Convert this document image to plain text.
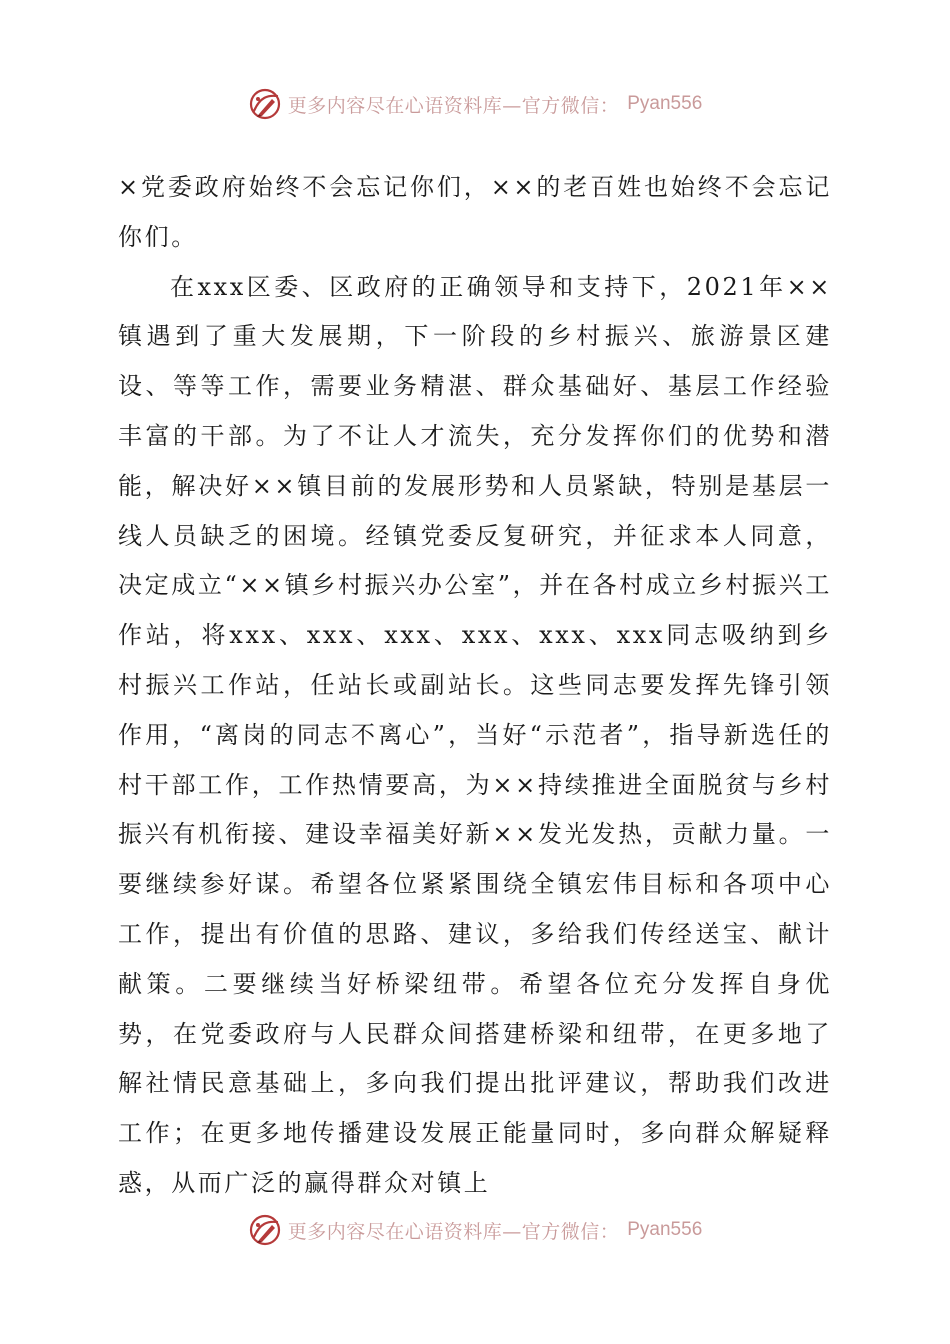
更多内容尽在心语资料库—官方微信： Pyan556

×党委政府始终不会忘记你们，××的老百姓也始终不会忘记你们。

在xxx区委、区政府的正确领导和支持下，2021年××镇遇到了重大发展期，下一阶段的乡村振兴、旅游景区建设、等等工作，需要业务精湛、群众基础好、基层工作经验丰富的干部。为了不让人才流失，充分发挥你们的优势和潜能，解决好××镇目前的发展形势和人员紧缺，特别是基层一线人员缺乏的困境。经镇党委反复研究，并征求本人同意，决定成立“××镇乡村振兴办公室”，并在各村成立乡村振兴工作站，将xxx、xxx、xxx、xxx、xxx、xxx同志吸纳到乡村振兴工作站，任站长或副站长。这些同志要发挥先锋引领作用，“离岗的同志不离心”，当好“示范者”，指导新选任的村干部工作，工作热情要高，为××持续推进全面脱贫与乡村振兴有机衔接、建设幸福美好新××发光发热，贡献力量。一要继续参好谋。希望各位紧紧围绕全镇宏伟目标和各项中心工作，提出有价值的思路、建议，多给我们传经送宝、献计献策。二要继续当好桥梁纽带。希望各位充分发挥自身优势，在党委政府与人民群众间搭建桥梁和纽带，在更多地了解社情民意基础上，多向我们提出批评建议，帮助我们改进工作；在更多地传播建设发展正能量同时，多向群众解疑释惑，从而广泛的赢得群众对镇上

更多内容尽在心语资料库—官方微信： Pyan556
